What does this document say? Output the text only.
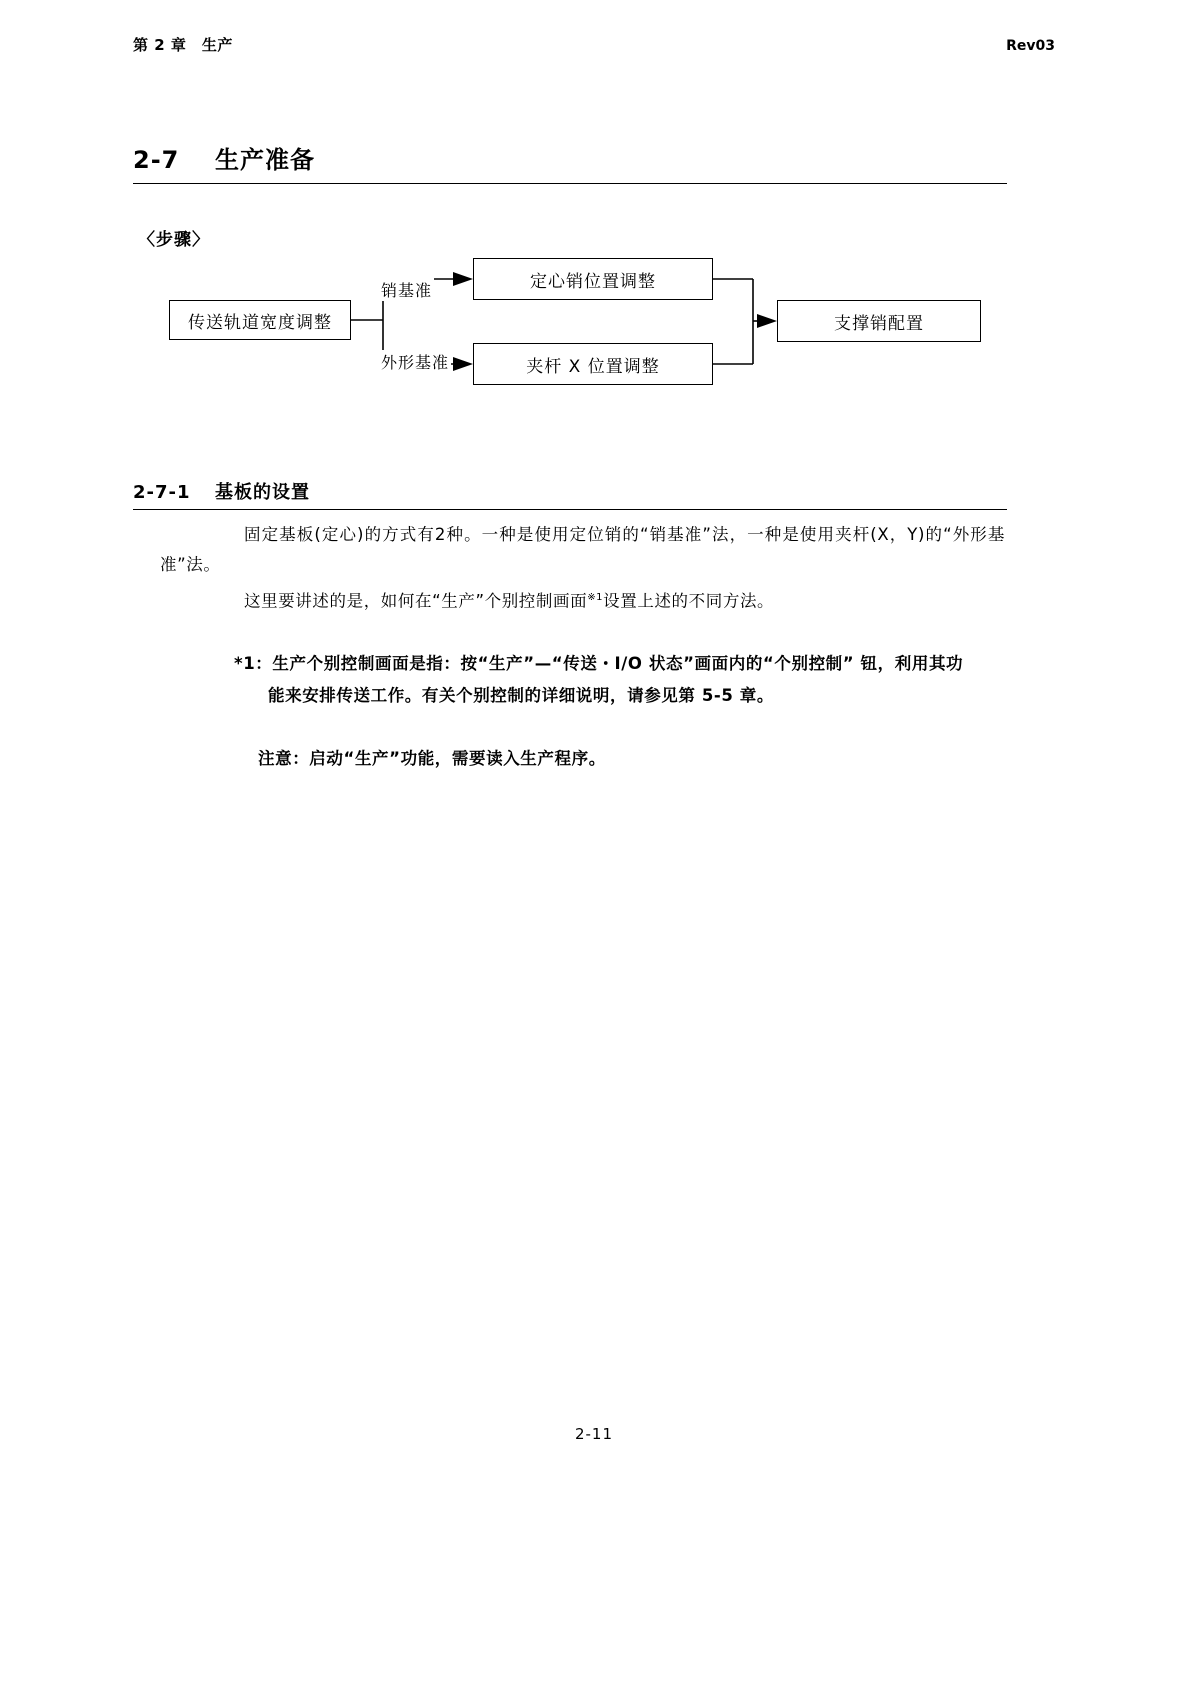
第 2 章　生产	Rev03
2-7	生产准备
〈步骤〉
传送轨道宽度调整
定心销位置调整
夹杆 X 位置调整
支撑销配置
销基准
外形基准
2-7-1	基板的设置
固定基板(定心)的方式有2种。一种是使用定位销的“销基准”法，一种是使用夹杆(X，Y)的“外形基准”法。
这里要讲述的是，如何在“生产”个别控制画面$^{※1}$设置上述的不同方法。
*1：生产个别控制画面是指：按“生产”—“传送・I/O 状态”画面内的“个别控制” 钮，利用其功能来安排传送工作。有关个别控制的详细说明，请参见第 5-5 章。
注意：启动“生产”功能，需要读入生产程序。
2-11
